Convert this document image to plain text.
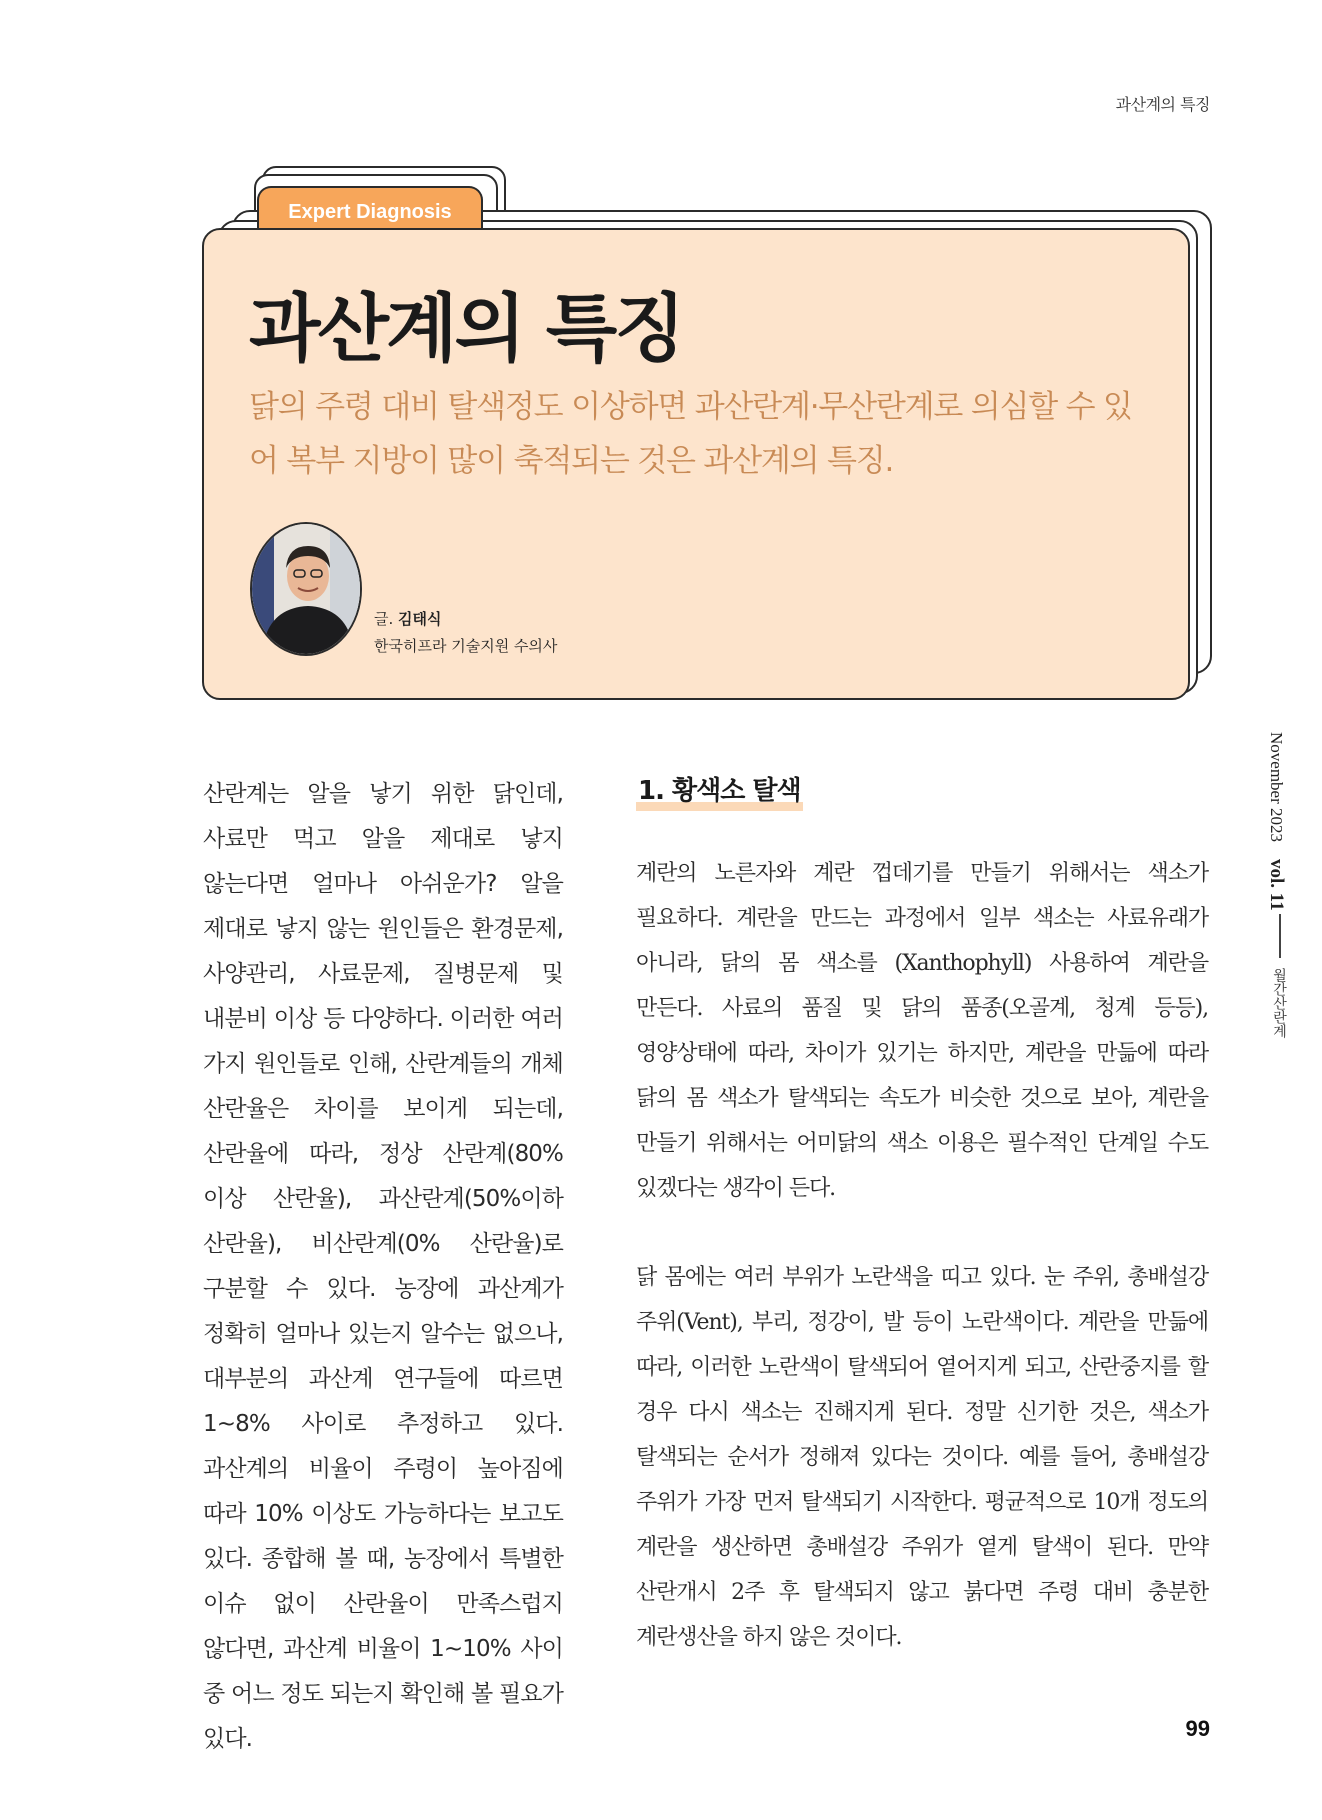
과산계의 특징
Expert Diagnosis
과산계의 특징
닭의 주령 대비 탈색정도 이상하면 과산란계·무산란계로 의심할 수 있어 복부 지방이 많이 축적되는 것은 과산계의 특징.
글. 김태식
한국히프라 기술지원 수의사
산란계는 알을 낳기 위한 닭인데, 사료만 먹고 알을 제대로 낳지 않는다면 얼마나 아쉬운가? 알을 제대로 낳지 않는 원인들은 환경문제, 사양관리, 사료문제, 질병문제 및 내분비 이상 등 다양하다. 이러한 여러 가지 원인들로 인해, 산란계들의 개체 산란율은 차이를 보이게 되는데, 산란율에 따라, 정상 산란계(80% 이상 산란율), 과산란계(50%이하 산란율), 비산란계(0% 산란율)로 구분할 수 있다. 농장에 과산계가 정확히 얼마나 있는지 알수는 없으나, 대부분의 과산계 연구들에 따르면 1~8% 사이로 추정하고 있다. 과산계의 비율이 주령이 높아짐에 따라 10% 이상도 가능하다는 보고도 있다. 종합해 볼 때, 농장에서 특별한 이슈 없이 산란율이 만족스럽지 않다면, 과산계 비율이 1~10% 사이 중 어느 정도 되는지 확인해 볼 필요가 있다.
1. 황색소 탈색

계란의 노른자와 계란 껍데기를 만들기 위해서는 색소가 필요하다. 계란을 만드는 과정에서 일부 색소는 사료유래가 아니라, 닭의 몸 색소를 (Xanthophyll) 사용하여 계란을 만든다. 사료의 품질 및 닭의 품종(오골계, 청계 등등), 영양상태에 따라, 차이가 있기는 하지만, 계란을 만듦에 따라 닭의 몸 색소가 탈색되는 속도가 비슷한 것으로 보아, 계란을 만들기 위해서는 어미닭의 색소 이용은 필수적인 단계일 수도 있겠다는 생각이 든다.

닭 몸에는 여러 부위가 노란색을 띠고 있다. 눈 주위, 총배설강 주위(Vent), 부리, 정강이, 발 등이 노란색이다. 계란을 만듦에 따라, 이러한 노란색이 탈색되어 옅어지게 되고, 산란중지를 할 경우 다시 색소는 진해지게 된다. 정말 신기한 것은, 색소가 탈색되는 순서가 정해져 있다는 것이다. 예를 들어, 총배설강 주위가 가장 먼저 탈색되기 시작한다. 평균적으로 10개 정도의 계란을 생산하면 총배설강 주위가 옅게 탈색이 된다. 만약 산란개시 2주 후 탈색되지 않고 붉다면 주령 대비 충분한 계란생산을 하지 않은 것이다.

November 2023    vol. 11
월간산란계
99
